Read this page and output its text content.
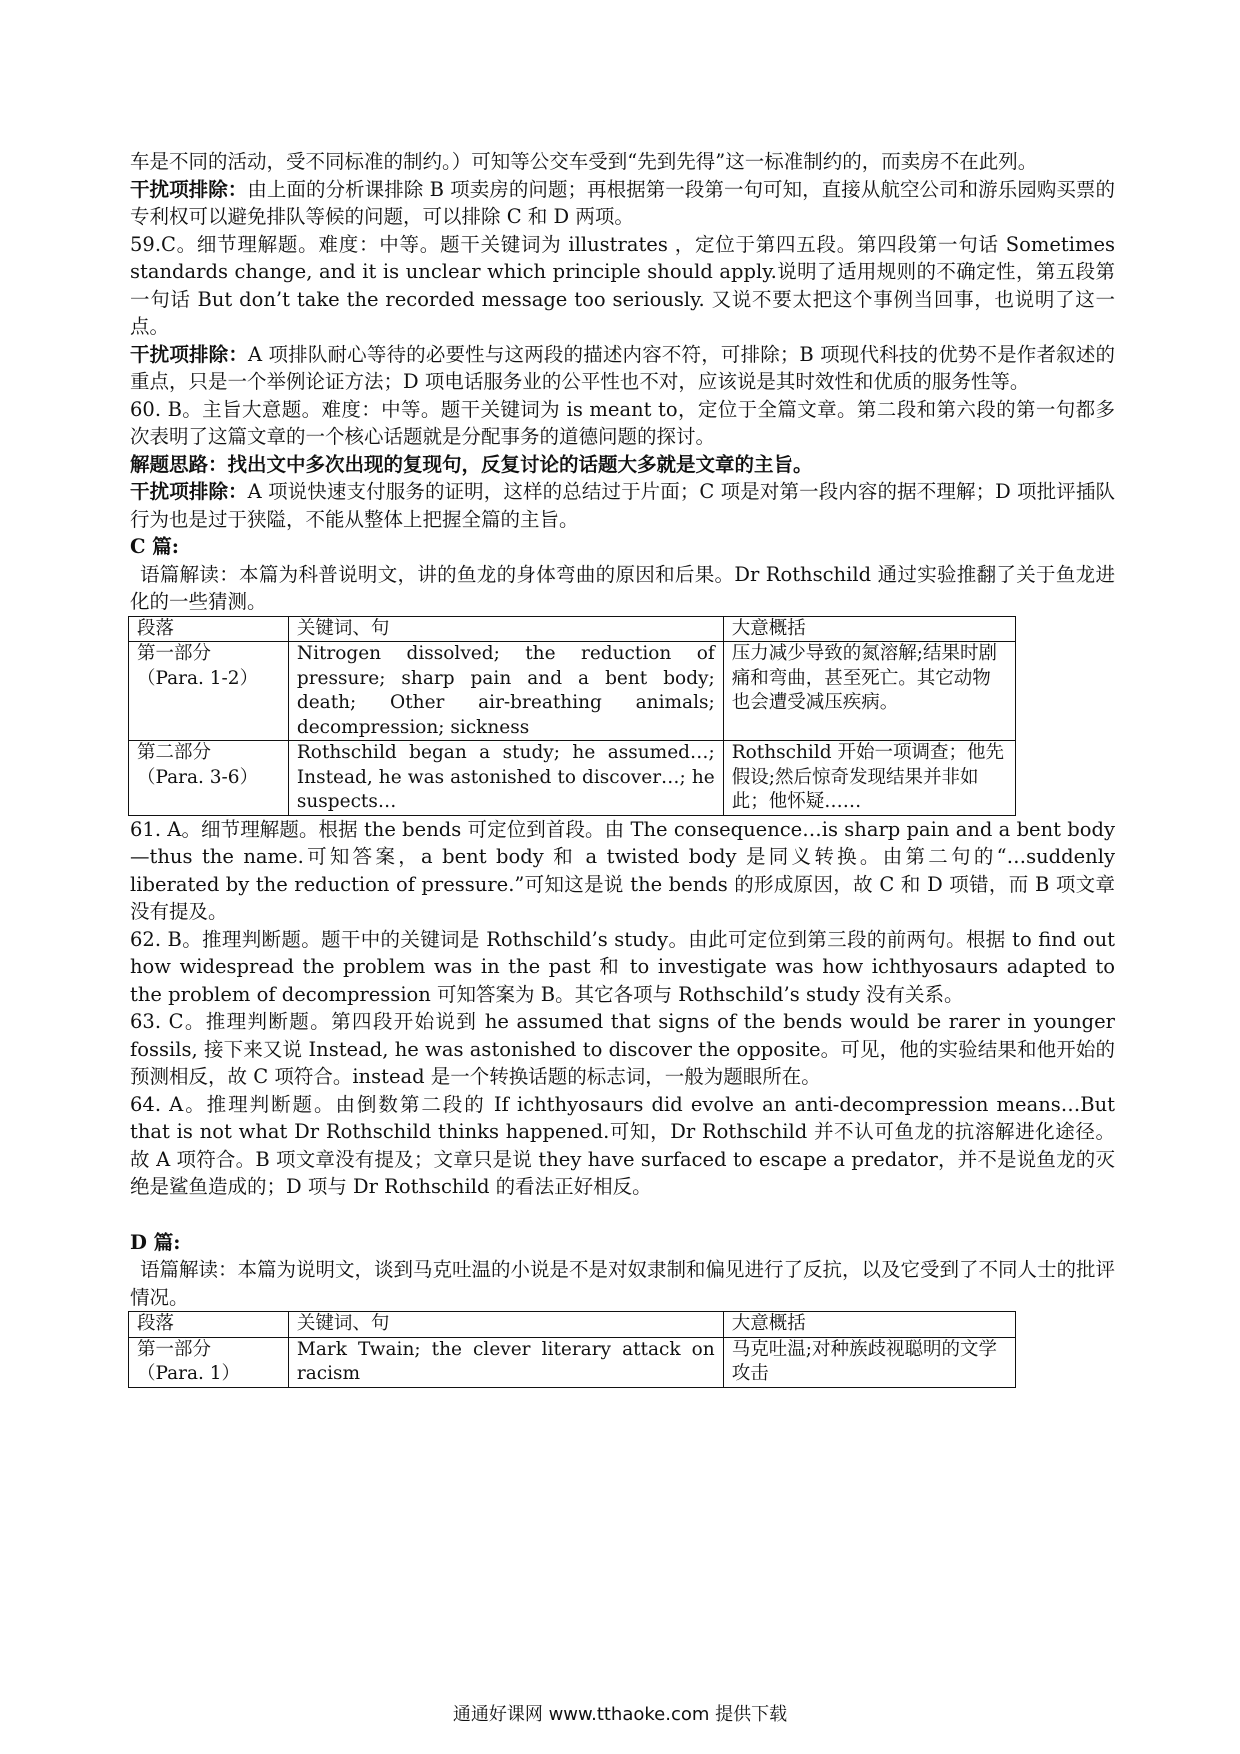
车是不同的活动，受不同标准的制约。）可知等公交车受到“先到先得”这一标准制约的，而卖房不在此列。

干扰项排除：由上面的分析课排除 B 项卖房的问题；再根据第一段第一句可知，直接从航空公司和游乐园购买票的专利权可以避免排队等候的问题，可以排除 C 和 D 两项。

59.C。细节理解题。难度：中等。题干关键词为 illustrates ，定位于第四五段。第四段第一句话 Sometimes standards change, and it is unclear which principle should apply.说明了适用规则的不确定性，第五段第一句话 But don’t take the recorded message too seriously. 又说不要太把这个事例当回事，也说明了这一点。

干扰项排除：A 项排队耐心等待的必要性与这两段的描述内容不符，可排除；B 项现代科技的优势不是作者叙述的重点，只是一个举例论证方法；D 项电话服务业的公平性也不对，应该说是其时效性和优质的服务性等。

60. B。主旨大意题。难度：中等。题干关键词为 is meant to，定位于全篇文章。第二段和第六段的第一句都多次表明了这篇文章的一个核心话题就是分配事务的道德问题的探讨。

解题思路：找出文中多次出现的复现句，反复讨论的话题大多就是文章的主旨。

干扰项排除：A 项说快速支付服务的证明，这样的总结过于片面；C 项是对第一段内容的据不理解；D 项批评插队行为也是过于狭隘，不能从整体上把握全篇的主旨。

C 篇:

语篇解读：本篇为科普说明文，讲的鱼龙的身体弯曲的原因和后果。Dr Rothschild 通过实验推翻了关于鱼龙进化的一些猜测。

段落	关键词、句	大意概括

第一部分
（Para. 1-2）	Nitrogen dissolved; the reduction of pressure; sharp pain and a bent body; death; Other air-breathing animals; decompression; sickness	压力减少导致的氮溶解;结果时剧痛和弯曲，甚至死亡。其它动物也会遭受减压疾病。

第二部分
（Para. 3-6）	Rothschild began a study; he assumed…; Instead, he was astonished to discover…; he suspects…	Rothschild 开始一项调查；他先假设;然后惊奇发现结果并非如此；他怀疑……

61. A。细节理解题。根据 the bends 可定位到首段。由 The consequence…is sharp pain and a bent body—thus the name.可知答案，a bent body 和 a twisted body 是同义转换。由第二句的“…suddenly liberated by the reduction of pressure.”可知这是说 the bends 的形成原因，故 C 和 D 项错，而 B 项文章没有提及。

62. B。推理判断题。题干中的关键词是 Rothschild’s study。由此可定位到第三段的前两句。根据 to find out how widespread the problem was in the past 和 to investigate was how ichthyosaurs adapted to the problem of decompression 可知答案为 B。其它各项与 Rothschild’s study 没有关系。

63. C。推理判断题。第四段开始说到 he assumed that signs of the bends would be rarer in younger fossils, 接下来又说 Instead, he was astonished to discover the opposite。可见，他的实验结果和他开始的预测相反，故 C 项符合。instead 是一个转换话题的标志词，一般为题眼所在。

64. A。推理判断题。由倒数第二段的 If ichthyosaurs did evolve an anti-decompression means…But that is not what Dr Rothschild thinks happened.可知，Dr Rothschild 并不认可鱼龙的抗溶解进化途径。故 A 项符合。B 项文章没有提及；文章只是说 they have surfaced to escape a predator，并不是说鱼龙的灭绝是鲨鱼造成的；D 项与 Dr Rothschild 的看法正好相反。

D 篇:

语篇解读：本篇为说明文，谈到马克吐温的小说是不是对奴隶制和偏见进行了反抗，以及它受到了不同人士的批评情况。

段落	关键词、句	大意概括

第一部分
（Para. 1）	Mark Twain; the clever literary attack on racism	马克吐温;对种族歧视聪明的文学攻击
通通好课网 www.tthaoke.com 提供下载
